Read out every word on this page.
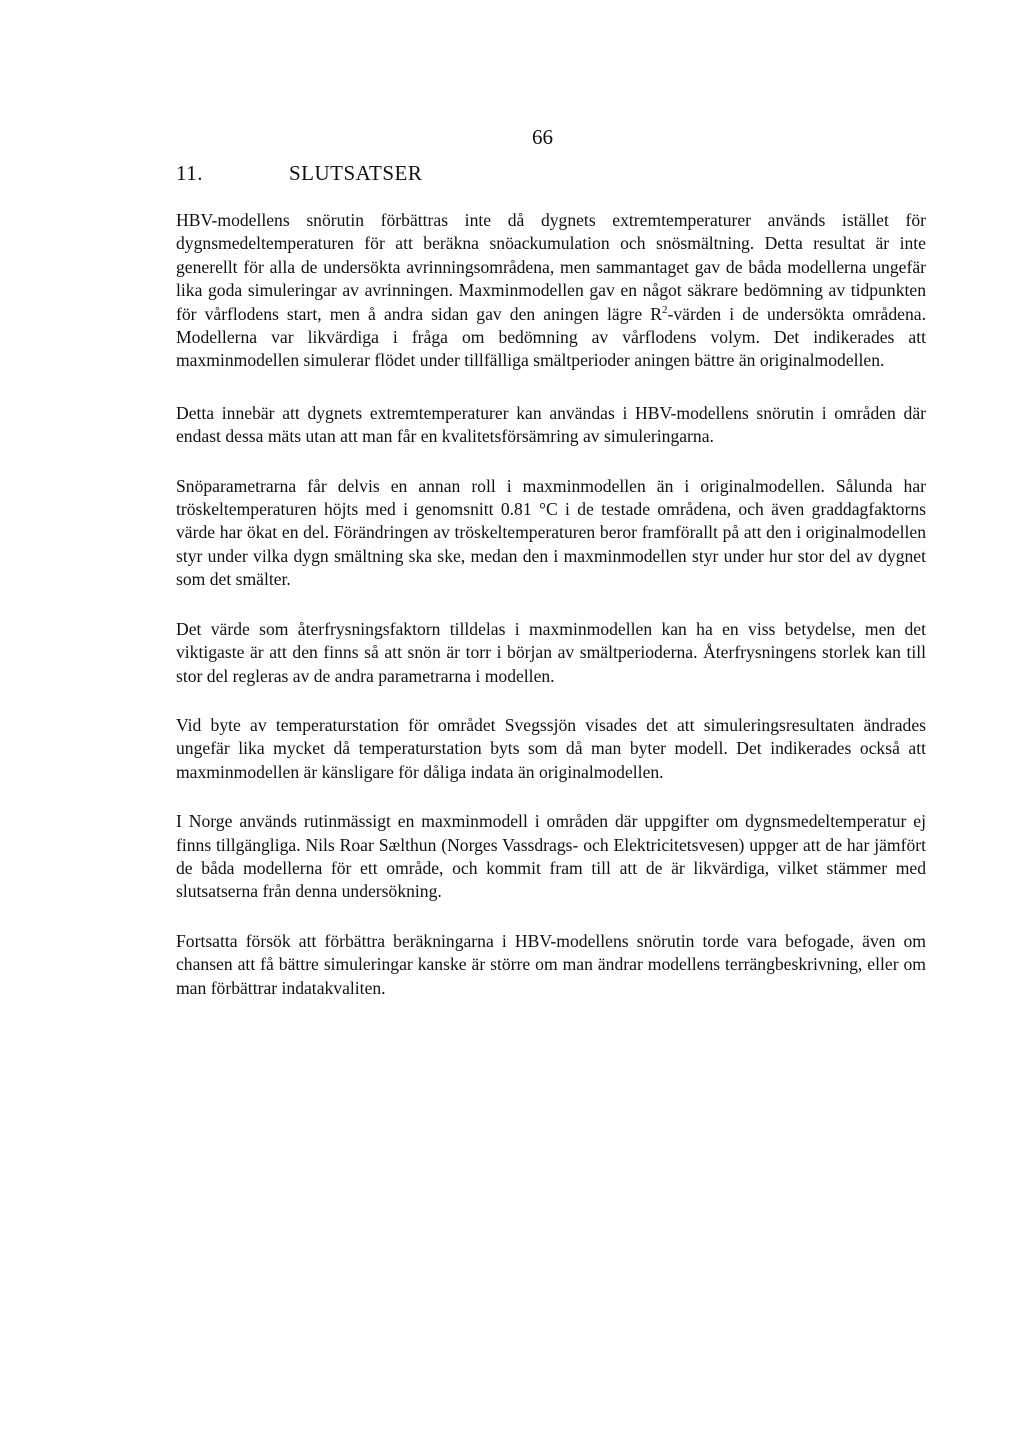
66
11.	SLUTSATSER

HBV-modellens snörutin förbättras inte då dygnets extremtemperaturer används istället för dygnsmedeltemperaturen för att beräkna snöackumulation och snösmältning. Detta resultat är inte generellt för alla de undersökta avrinningsområdena, men sammantaget gav de båda modellerna ungefär lika goda simuleringar av avrinningen. Maxminmodellen gav en något säkrare bedömning av tidpunkten för vårflodens start, men å andra sidan gav den aningen lägre $R^2$-värden i de undersökta områdena. Modellerna var likvärdiga i fråga om bedömning av vårflodens volym. Det indikerades att maxminmodellen simulerar flödet under tillfälliga smältperioder aningen bättre än originalmodellen.

Detta innebär att dygnets extremtemperaturer kan användas i HBV-modellens snörutin i områden där endast dessa mäts utan att man får en kvalitetsförsämring av simuleringarna.

Snöparametrarna får delvis en annan roll i maxminmodellen än i originalmodellen. Sålunda har tröskeltemperaturen höjts med i genomsnitt 0.81 °C i de testade områdena, och även graddagfaktorns värde har ökat en del. Förändringen av tröskeltemperaturen beror framförallt på att den i originalmodellen styr under vilka dygn smältning ska ske, medan den i maxminmodellen styr under hur stor del av dygnet som det smälter.

Det värde som återfrysningsfaktorn tilldelas i maxminmodellen kan ha en viss betydelse, men det viktigaste är att den finns så att snön är torr i början av smältperioderna. Återfrysningens storlek kan till stor del regleras av de andra parametrarna i modellen.

Vid byte av temperaturstation för området Svegssjön visades det att simuleringsresultaten ändrades ungefär lika mycket då temperaturstation byts som då man byter modell. Det indikerades också att maxminmodellen är känsligare för dåliga indata än originalmodellen.

I Norge används rutinmässigt en maxminmodell i områden där uppgifter om dygnsmedeltemperatur ej finns tillgängliga. Nils Roar Sælthun (Norges Vassdrags- och Elektricitetsvesen) uppger att de har jämfört de båda modellerna för ett område, och kommit fram till att de är likvärdiga, vilket stämmer med slutsatserna från denna undersökning.

Fortsatta försök att förbättra beräkningarna i HBV-modellens snörutin torde vara befogade, även om chansen att få bättre simuleringar kanske är större om man ändrar modellens terrängbeskrivning, eller om man förbättrar indatakvaliten.
